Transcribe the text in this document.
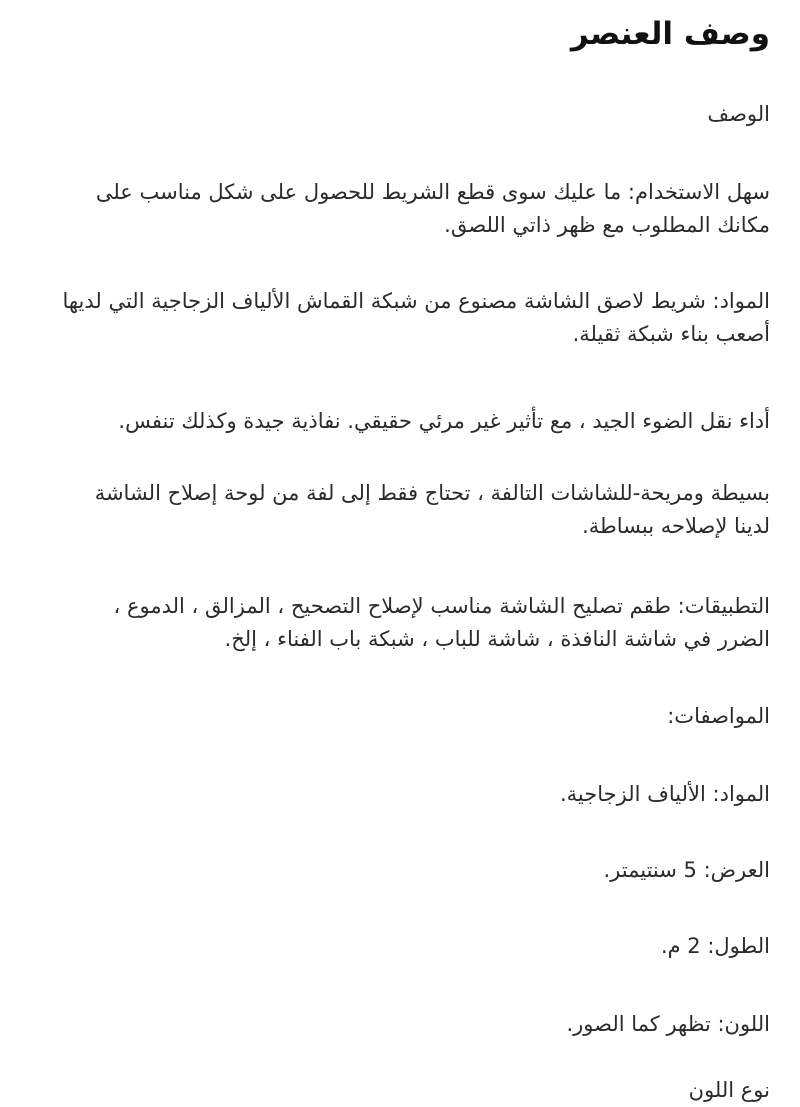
وصف العنصر

الوصف

سهل الاستخدام: ما عليك سوى قطع الشريط للحصول على شكل مناسب على مكانك المطلوب مع ظهر ذاتي اللصق.

المواد: شريط لاصق الشاشة مصنوع من شبكة القماش الألياف الزجاجية التي لديها أصعب بناء شبكة ثقيلة.

أداء نقل الضوء الجيد ، مع تأثير غير مرئي حقيقي. نفاذية جيدة وكذلك تنفس.

بسيطة ومريحة-للشاشات التالفة ، تحتاج فقط إلى لفة من لوحة إصلاح الشاشة لدينا لإصلاحه ببساطة.

التطبيقات: طقم تصليح الشاشة مناسب لإصلاح التصحيح ، المزالق ، الدموع ، الضرر في شاشة النافذة ، شاشة للباب ، شبكة باب الفناء ، إلخ.

المواصفات:

المواد: الألياف الزجاجية.

العرض: 5 سنتيمتر.

الطول: 2 م.

اللون: تظهر كما الصور.

نوع اللون
